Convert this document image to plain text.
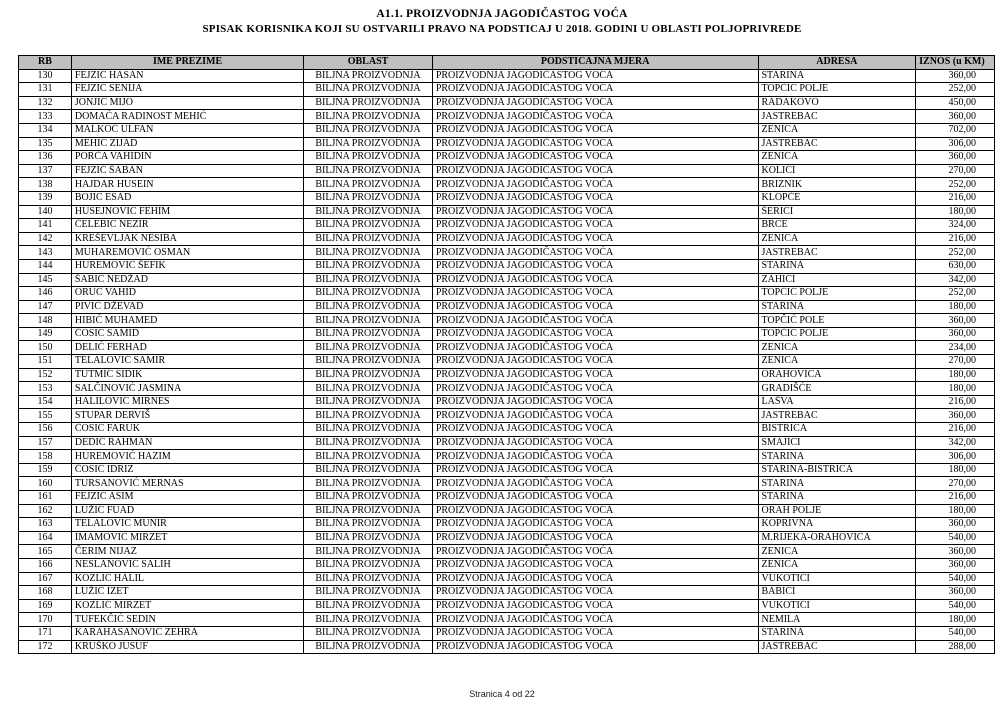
A1.1. PROIZVODNJA JAGODIČASTOG VOĆA
SPISAK KORISNIKA KOJI SU OSTVARILI PRAVO NA PODSTICAJ U 2018. GODINI U OBLASTI POLJOPRIVREDE
RB	IME PREZIME	OBLAST	PODSTICAJNA MJERA	ADRESA	IZNOS (u KM)
130	FEJZIĆ HASAN	BILJNA PROIZVODNJA	PROIZVODNJA JAGODIČASTOG VOĆA	STARINA	360,00
131	FEJZIĆ SENIJA	BILJNA PROIZVODNJA	PROIZVODNJA JAGODIČASTOG VOĆA	TOPČIĆ POLJE	252,00
132	JONJIĆ MIJO	BILJNA PROIZVODNJA	PROIZVODNJA JAGODIČASTOG VOĆA	RADAKOVO	450,00
133	DOMAĆA RADINOST MEHIĆ	BILJNA PROIZVODNJA	PROIZVODNJA JAGODIČASTOG VOĆA	JASTREBAC	360,00
134	MALKOČ ULFAN	BILJNA PROIZVODNJA	PROIZVODNJA JAGODIČASTOG VOĆA	ZENICA	702,00
135	MEHIĆ ZIJAD	BILJNA PROIZVODNJA	PROIZVODNJA JAGODIČASTOG VOĆA	JASTREBAC	306,00
136	PORČA VAHIDIN	BILJNA PROIZVODNJA	PROIZVODNJA JAGODIČASTOG VOĆA	ZENICA	360,00
137	FEJZIĆ ŠABAN	BILJNA PROIZVODNJA	PROIZVODNJA JAGODIČASTOG VOĆA	KOLIĆI	270,00
138	HAJDAR HUSEIN	BILJNA PROIZVODNJA	PROIZVODNJA JAGODIČASTOG VOĆA	BRIZNIK	252,00
139	BOJIC ESAD	BILJNA PROIZVODNJA	PROIZVODNJA JAGODIČASTOG VOĆA	KLOPČE	216,00
140	HUSEJNOVIĆ FEHIM	BILJNA PROIZVODNJA	PROIZVODNJA JAGODIČASTOG VOĆA	ŠERIĆI	180,00
141	ČELEBIĆ NEZIR	BILJNA PROIZVODNJA	PROIZVODNJA JAGODIČASTOG VOĆA	BRCE	324,00
142	KREŠEVLJAK NESIBA	BILJNA PROIZVODNJA	PROIZVODNJA JAGODIČASTOG VOĆA	ZENICA	216,00
143	MUHAREMOVIĆ OSMAN	BILJNA PROIZVODNJA	PROIZVODNJA JAGODIČASTOG VOĆA	JASTREBAC	252,00
144	HUREMOVIĆ ŠEFIK	BILJNA PROIZVODNJA	PROIZVODNJA JAGODIČASTOG VOĆA	STARINA	630,00
145	ŠABIĆ NEDŽAD	BILJNA PROIZVODNJA	PROIZVODNJA JAGODIČASTOG VOĆA	ZAHIĆI	342,00
146	ORUĆ VAHID	BILJNA PROIZVODNJA	PROIZVODNJA JAGODIČASTOG VOĆA	TOPČIĆ POLJE	252,00
147	PIVIĆ DŽEVAD	BILJNA PROIZVODNJA	PROIZVODNJA JAGODIČASTOG VOĆA	STARINA	180,00
148	HIBIĆ MUHAMED	BILJNA PROIZVODNJA	PROIZVODNJA JAGODIČASTOG VOĆA	TOPČIĆ POLE	360,00
149	ČOSIĆ SAMID	BILJNA PROIZVODNJA	PROIZVODNJA JAGODIČASTOG VOĆA	TOPČIĆ POLJE	360,00
150	DELIĆ FERHAD	BILJNA PROIZVODNJA	PROIZVODNJA JAGODIČASTOG VOĆA	ZENICA	234,00
151	TELALOVIĆ SAMIR	BILJNA PROIZVODNJA	PROIZVODNJA JAGODIČASTOG VOĆA	ZENICA	270,00
152	TUTMIĆ SIDIK	BILJNA PROIZVODNJA	PROIZVODNJA JAGODIČASTOG VOĆA	ORAHOVICA	180,00
153	SALČINOVIĆ JASMINA	BILJNA PROIZVODNJA	PROIZVODNJA JAGODIČASTOG VOĆA	GRADIŠĆE	180,00
154	HALILOVIĆ MIRNES	BILJNA PROIZVODNJA	PROIZVODNJA JAGODIČASTOG VOĆA	LAŠVA	216,00
155	STUPAR DERVIŠ	BILJNA PROIZVODNJA	PROIZVODNJA JAGODIČASTOG VOĆA	JASTREBAC	360,00
156	ČOSIĆ FARUK	BILJNA PROIZVODNJA	PROIZVODNJA JAGODIČASTOG VOĆA	BISTRICA	216,00
157	DEDIĆ RAHMAN	BILJNA PROIZVODNJA	PROIZVODNJA JAGODIČASTOG VOĆA	SMAJIĆI	342,00
158	HUREMOVIĆ HAZIM	BILJNA PROIZVODNJA	PROIZVODNJA JAGODIČASTOG VOĆA	STARINA	306,00
159	ČOSIĆ IDRIZ	BILJNA PROIZVODNJA	PROIZVODNJA JAGODIČASTOG VOĆA	STARINA-BISTRICA	180,00
160	TURSANOVIĆ MERNAS	BILJNA PROIZVODNJA	PROIZVODNJA JAGODIČASTOG VOĆA	STARINA	270,00
161	FEJZIĆ ASIM	BILJNA PROIZVODNJA	PROIZVODNJA JAGODIČASTOG VOĆA	STARINA	216,00
162	LUŽIĆ FUAD	BILJNA PROIZVODNJA	PROIZVODNJA JAGODIČASTOG VOĆA	ORAH POLJE	180,00
163	TELALOVIĆ MUNIR	BILJNA PROIZVODNJA	PROIZVODNJA JAGODIČASTOG VOĆA	KOPRIVNA	360,00
164	IMAMOVIĆ MIRZET	BILJNA PROIZVODNJA	PROIZVODNJA JAGODIČASTOG VOĆA	M.RIJEKA-ORAHOVICA	540,00
165	ČERIM NIJAZ	BILJNA PROIZVODNJA	PROIZVODNJA JAGODIČASTOG VOĆA	ZENICA	360,00
166	NESLANOVIĆ SALIH	BILJNA PROIZVODNJA	PROIZVODNJA JAGODIČASTOG VOĆA	ZENICA	360,00
167	KOZLIĆ HALIL	BILJNA PROIZVODNJA	PROIZVODNJA JAGODIČASTOG VOĆA	VUKOTIĆI	540,00
168	LUŽIĆ IZET	BILJNA PROIZVODNJA	PROIZVODNJA JAGODIČASTOG VOĆA	BABIĆI	360,00
169	KOZLIĆ MIRZET	BILJNA PROIZVODNJA	PROIZVODNJA JAGODIČASTOG VOĆA	VUKOTIĆI	540,00
170	TUFEKČIĆ SEDIN	BILJNA PROIZVODNJA	PROIZVODNJA JAGODIČASTOG VOĆA	NEMILA	180,00
171	KARAHASANOVIĆ ZEHRA	BILJNA PROIZVODNJA	PROIZVODNJA JAGODIČASTOG VOĆA	STARINA	540,00
172	KRUŠKO JUSUF	BILJNA PROIZVODNJA	PROIZVODNJA JAGODIČASTOG VOĆA	JASTREBAC	288,00
Stranica 4 od 22
